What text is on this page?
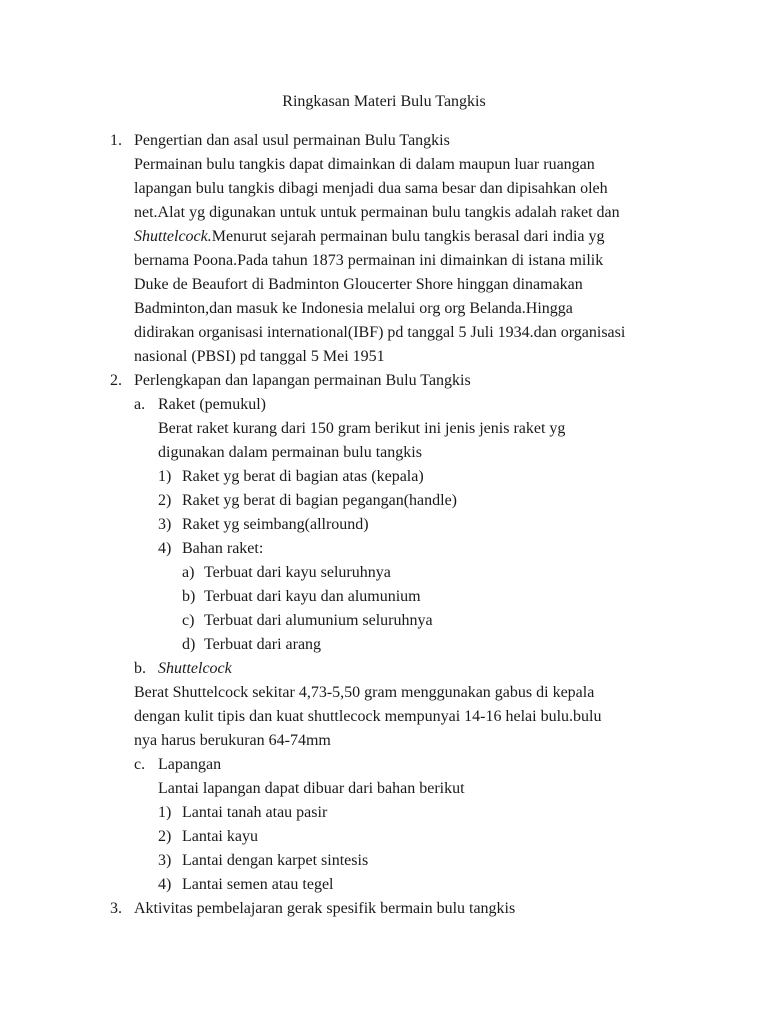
Ringkasan Materi Bulu Tangkis
1. Pengertian dan asal usul permainan Bulu Tangkis
Permainan bulu tangkis dapat dimainkan di dalam maupun luar ruangan
lapangan bulu tangkis dibagi menjadi dua sama besar dan dipisahkan oleh
net.Alat yg digunakan untuk untuk permainan bulu tangkis adalah raket dan
Shuttelcock.Menurut sejarah permainan bulu tangkis berasal dari india yg
bernama Poona.Pada tahun 1873 permainan ini dimainkan di istana milik
Duke de Beaufort di Badminton Gloucerter Shore hinggan dinamakan
Badminton,dan masuk ke Indonesia melalui org org Belanda.Hingga
didirakan organisasi international(IBF) pd tanggal 5 Juli 1934.dan organisasi
nasional (PBSI) pd tanggal 5 Mei 1951
2. Perlengkapan dan lapangan permainan Bulu Tangkis
a. Raket (pemukul)
Berat raket kurang dari 150 gram berikut ini jenis jenis raket yg
digunakan dalam permainan bulu tangkis
1) Raket yg berat di bagian atas (kepala)
2) Raket yg berat di bagian pegangan(handle)
3) Raket yg seimbang(allround)
4) Bahan raket:
a) Terbuat dari kayu seluruhnya
b) Terbuat dari kayu dan alumunium
c) Terbuat dari alumunium seluruhnya
d) Terbuat dari arang
b. Shuttelcock
Berat Shuttelcock sekitar 4,73-5,50 gram menggunakan gabus di kepala
dengan kulit tipis dan kuat shuttlecock mempunyai 14-16 helai bulu.bulu
nya harus berukuran 64-74mm
c. Lapangan
Lantai lapangan dapat dibuar dari bahan berikut
1) Lantai tanah atau pasir
2) Lantai kayu
3) Lantai dengan karpet sintesis
4) Lantai semen atau tegel
3. Aktivitas pembelajaran gerak spesifik bermain bulu tangkis
